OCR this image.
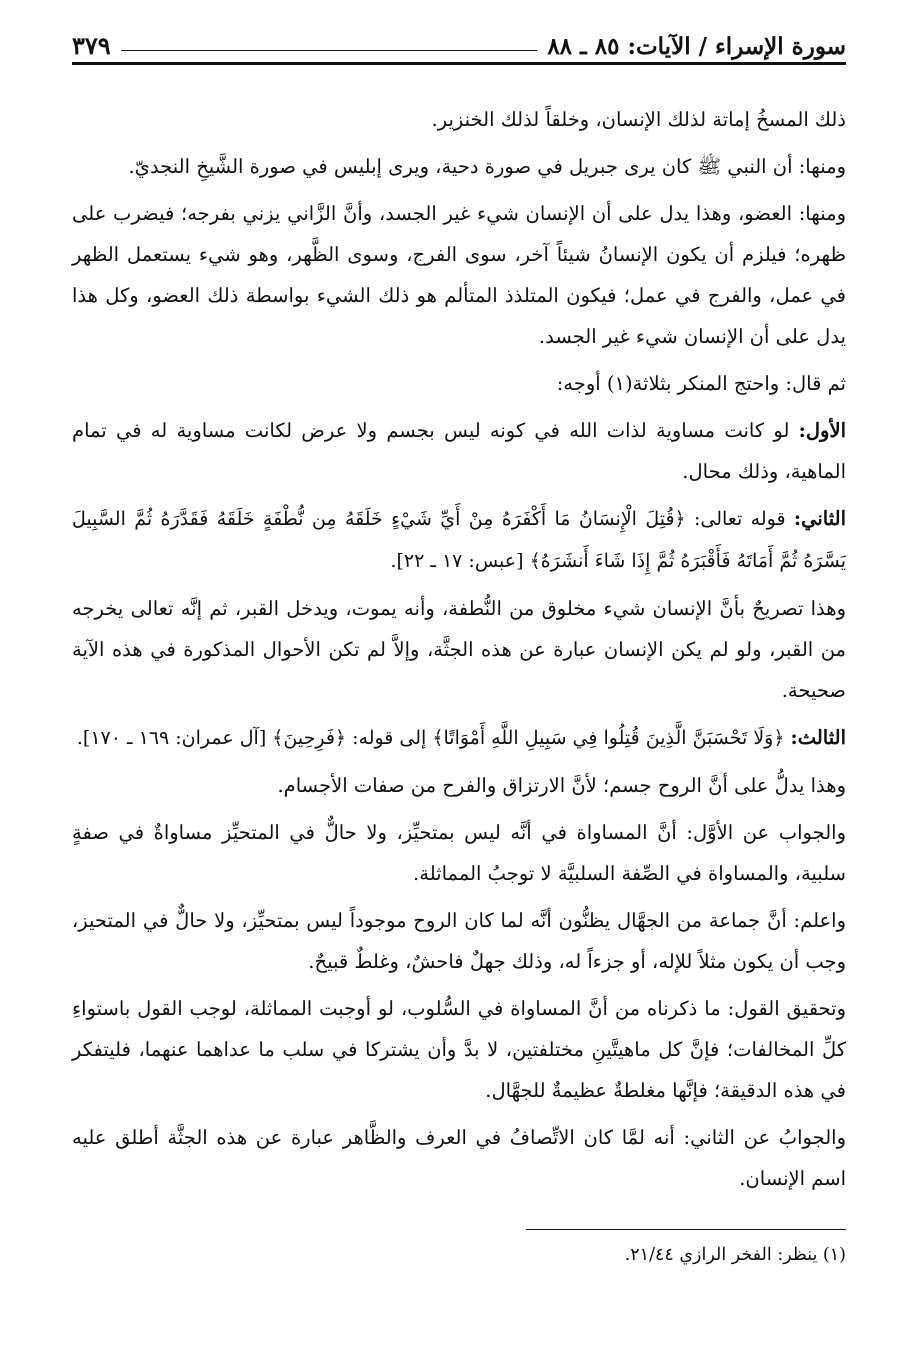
سورة الإسراء / الآيات: ٨٥ ـ ٨٨
٣٧٩

ذلك المسخُ إماتة لذلك الإنسان، وخلقاً لذلك الخنزير.

ومنها: أن النبي ﷺ كان يرى جبريل في صورة دحية، ويرى إبليس في صورة الشَّيخِ النجديّ.

ومنها: العضو، وهذا يدل على أن الإنسان شيء غير الجسد، وأنَّ الزَّاني يزني بفرجه؛ فيضرب على ظهره؛ فيلزم أن يكون الإنسانُ شيئاً آخر، سوى الفرج، وسوى الظَّهر، وهو شيء يستعمل الظهر في عمل، والفرج في عمل؛ فيكون المتلذذ المتألم هو ذلك الشيء بواسطة ذلك العضو، وكل هذا يدل على أن الإنسان شيء غير الجسد.

ثم قال: واحتج المنكر بثلاثة(١) أوجه:

الأول: لو كانت مساوية لذات الله في كونه ليس بجسم ولا عرض لكانت مساوية له في تمام الماهية، وذلك محال.

الثاني: قوله تعالى: ﴿قُتِلَ الْإِنسَانُ مَا أَكْفَرَهُ مِنْ أَيِّ شَيْءٍ خَلَقَهُ مِن نُّطْفَةٍ خَلَقَهُ فَقَدَّرَهُ ثُمَّ السَّبِيلَ يَسَّرَهُ ثُمَّ أَمَاتَهُ فَأَقْبَرَهُ ثُمَّ إِذَا شَاءَ أَنشَرَهُ﴾ [عبس: ١٧ ـ ٢٢].

وهذا تصريحٌ بأنَّ الإنسان شيء مخلوق من النُّطفة، وأنه يموت، ويدخل القبر، ثم إنَّه تعالى يخرجه من القبر، ولو لم يكن الإنسان عبارة عن هذه الجثَّة، وإلاَّ لم تكن الأحوال المذكورة في هذه الآية صحيحة.

الثالث: ﴿وَلَا تَحْسَبَنَّ الَّذِينَ قُتِلُوا فِي سَبِيلِ اللَّهِ أَمْوَاتًا﴾ إلى قوله: ﴿فَرِحِينَ﴾ [آل عمران: ١٦٩ ـ ١٧٠].

وهذا يدلُّ على أنَّ الروح جسم؛ لأنَّ الارتزاق والفرح من صفات الأجسام.

والجواب عن الأوَّل: أنَّ المساواة في أنَّه ليس بمتحيِّز، ولا حالٌّ في المتحيِّز مساواةٌ في صفةٍ سلبية، والمساواة في الصِّفة السلبيَّة لا توجبُ المماثلة.

واعلم: أنَّ جماعة من الجهَّال يظنُّون أنَّه لما كان الروح موجوداً ليس بمتحيِّز، ولا حالٌّ في المتحيز، وجب أن يكون مثلاً للإله، أو جزءاً له، وذلك جهلٌ فاحشٌ، وغلطٌ قبيحٌ.

وتحقيق القول: ما ذكرناه من أنَّ المساواة في السُّلوب، لو أوجبت المماثلة، لوجب القول باستواءِ كلِّ المخالفات؛ فإنَّ كل ماهيتَّينِ مختلفتين، لا بدَّ وأن يشتركا في سلب ما عداهما عنهما، فليتفكر في هذه الدقيقة؛ فإنَّها مغلطةٌ عظيمةٌ للجهَّال.

والجوابُ عن الثاني: أنه لمَّا كان الاتِّصافُ في العرف والظَّاهر عبارة عن هذه الجثَّة أطلق عليه اسم الإنسان.

(١) ينظر: الفخر الرازي ٢١/٤٤.
